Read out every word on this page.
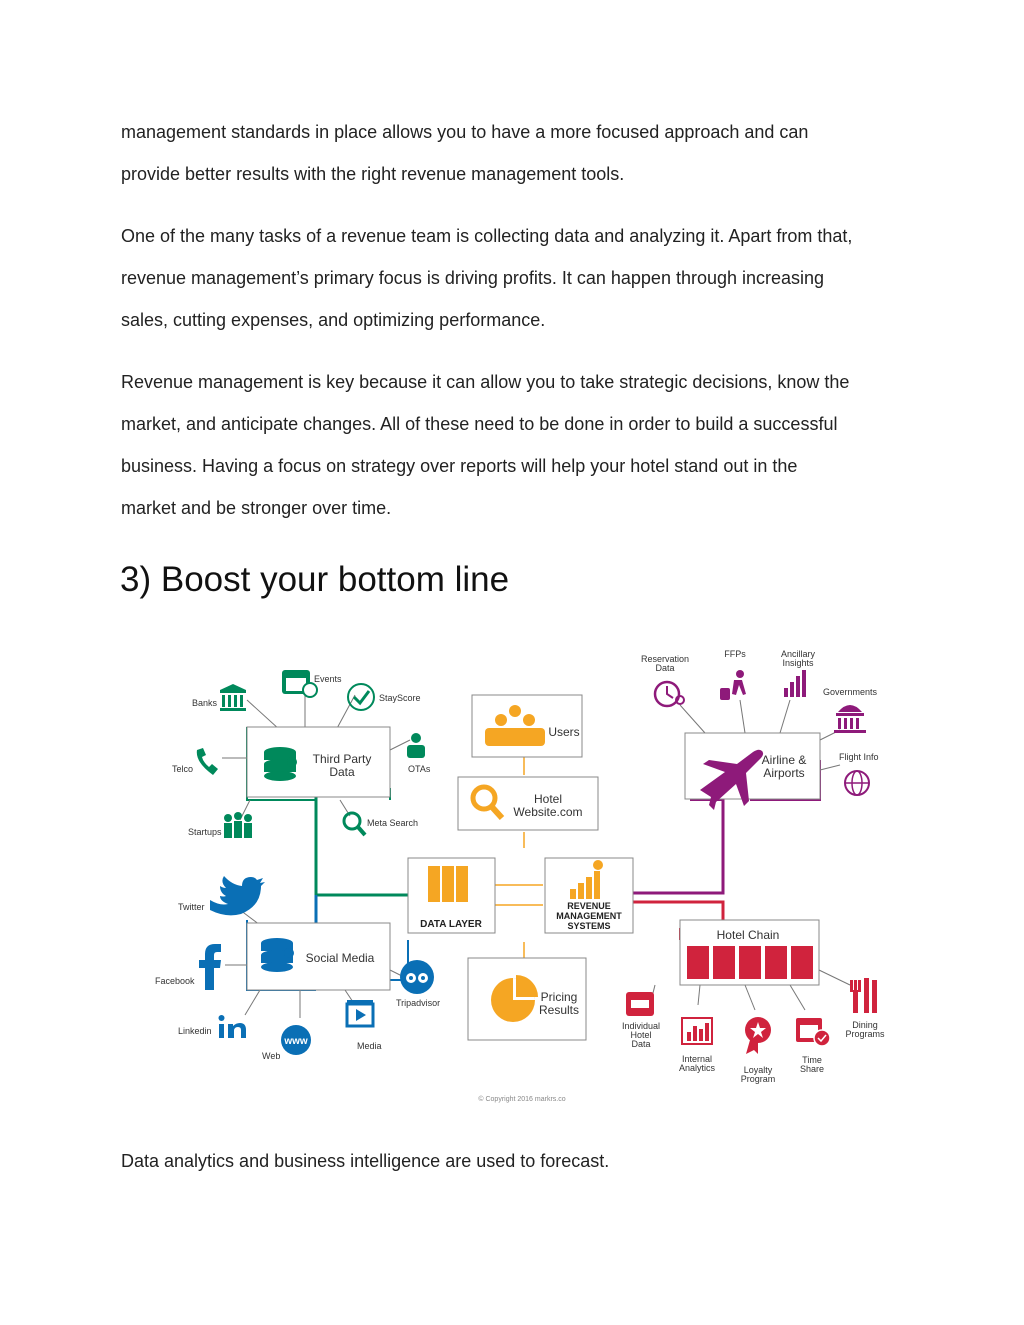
management standards in place allows you to have a more focused approach and can
provide better results with the right revenue management tools.
One of the many tasks of a revenue team is collecting data and analyzing it. Apart from that,
revenue management’s primary focus is driving profits. It can happen through increasing
sales, cutting expenses, and optimizing performance.
Revenue management is key because it can allow you to take strategic decisions, know the
market, and anticipate changes. All of these need to be done in order to build a successful
business. Having a focus on strategy over reports will help your hotel stand out in the
market and be stronger over time.
3) Boost your bottom line
Third Party
Data
Banks
Events
StayScore
Telco	OTAs
Startups
Meta Search
Social Media
Twitter
Facebook
Linkedin
www
Web
Media
Tripadvisor
Users
Hotel
Website.com
DATA LAYER
REVENUE
MANAGEMENT
SYSTEMS
Pricing
Results
Airline &
Airports
Reservation
Data
FFPs	Ancillary
Insights
Governments
Flight Info
Hotel Chain
Individual
Hotel
Data
Internal
Analytics	Loyalty
Program
Time
Share
Dining
Programs
© Copyright 2016 markrs.co

Data analytics and business intelligence are used to forecast.
